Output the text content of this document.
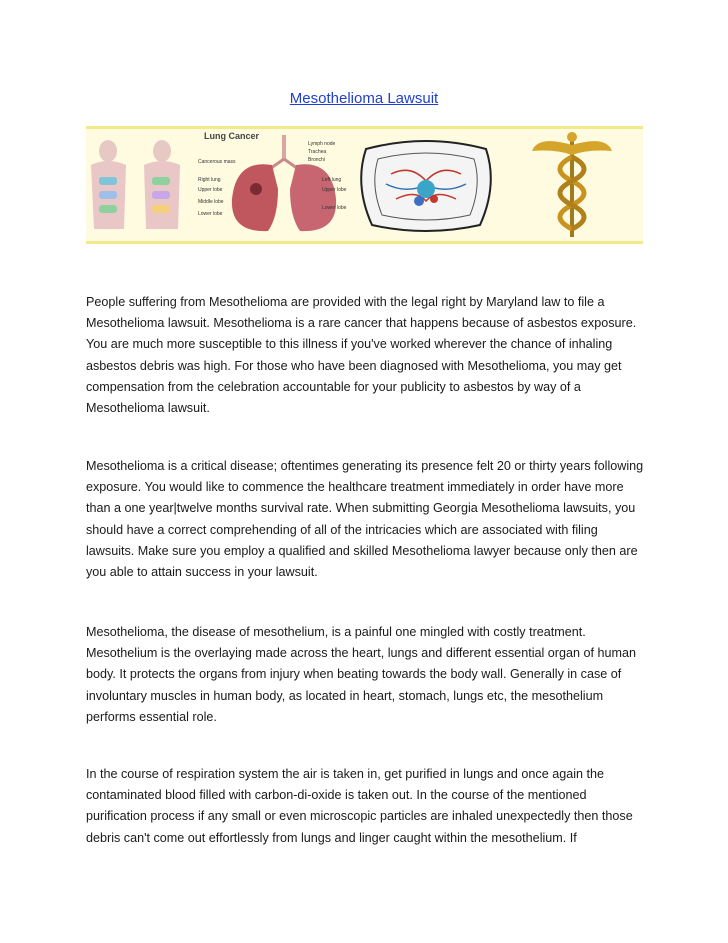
Mesothelioma Lawsuit
Lung Cancer
Cancerous mass
Right lung
Upper lobe
Middle lobe
Lower lobe
Lymph node
Trachea
Bronchi
Left lung
Upper lobe
Lower lobe

People suffering from Mesothelioma are provided with the legal right by Maryland law to file a Mesothelioma lawsuit. Mesothelioma is a rare cancer that happens because of asbestos exposure. You are much more susceptible to this illness if you've worked wherever the chance of inhaling asbestos debris was high. For those who have been diagnosed with Mesothelioma, you may get compensation from the celebration accountable for your publicity to asbestos by way of a Mesothelioma lawsuit.

Mesothelioma is a critical disease; oftentimes generating its presence felt 20 or thirty years following exposure. You would like to commence the healthcare treatment immediately in order have more than a one year|twelve months survival rate. When submitting Georgia Mesothelioma lawsuits, you should have a correct comprehending of all of the intricacies which are associated with filing lawsuits. Make sure you employ a qualified and skilled Mesothelioma lawyer because only then are you able to attain success in your lawsuit.

Mesothelioma, the disease of mesothelium, is a painful one mingled with costly treatment. Mesothelium is the overlaying made across the heart, lungs and different essential organ of human body. It protects the organs from injury when beating towards the body wall. Generally in case of involuntary muscles in human body, as located in heart, stomach, lungs etc, the mesothelium performs essential role.

In the course of respiration system the air is taken in, get purified in lungs and once again the contaminated blood filled with carbon-di-oxide is taken out. In the course of the mentioned purification process if any small or even microscopic particles are inhaled unexpectedly then those debris can't come out effortlessly from lungs and linger caught within the mesothelium. If
